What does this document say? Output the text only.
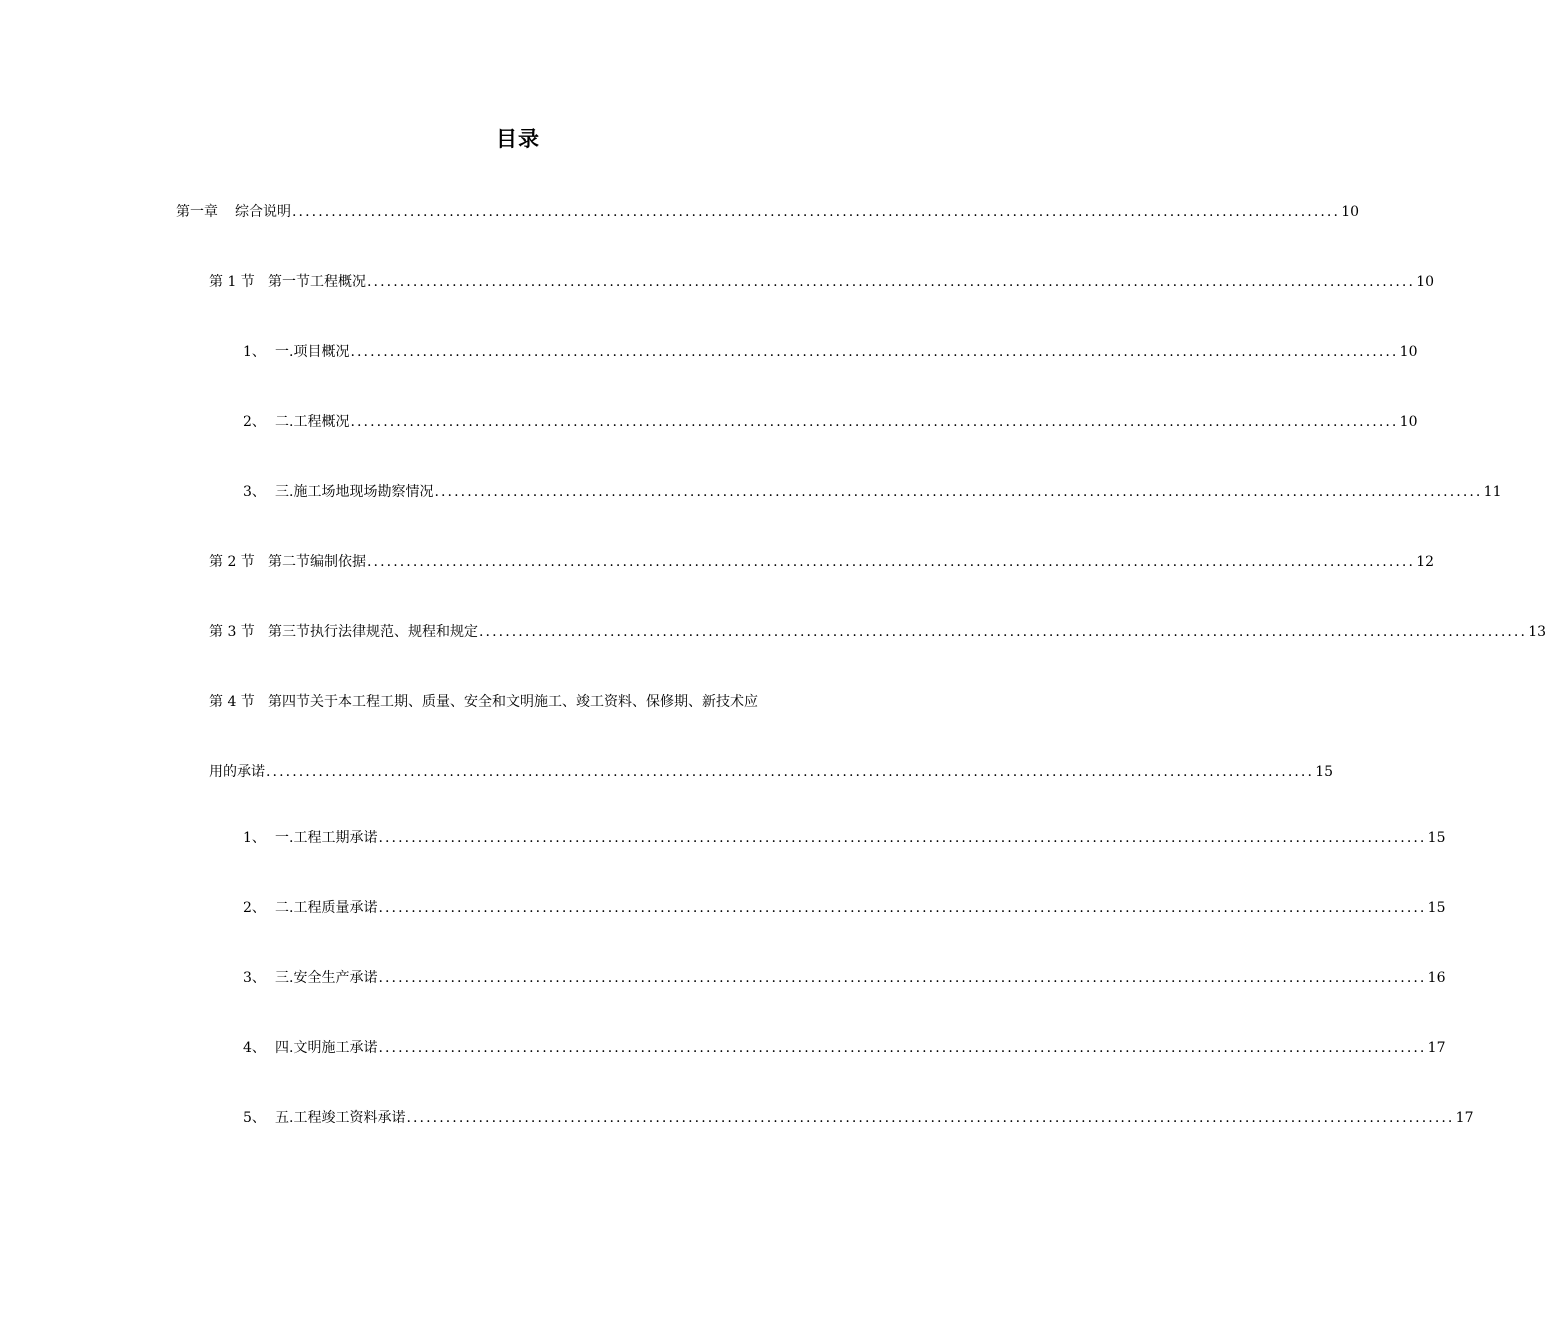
目录
第一章	综合说明 ................................................................................................................................................................ 10
第 1 节 第一节工程概况 ................................................................................................................................................................ 10
1、 一.项目概况 ................................................................................................................................................................ 10
2、 二.工程概况 ................................................................................................................................................................ 10
3、 三.施工场地现场勘察情况 ................................................................................................................................................................ 11
第 2 节 第二节编制依据 ................................................................................................................................................................ 12
第 3 节 第三节执行法律规范、规程和规定 ................................................................................................................................................................ 13
第 4 节 第四节关于本工程工期、质量、安全和文明施工、竣工资料、保修期、新技术应
用的承诺 ................................................................................................................................................................ 15
1、 一.工程工期承诺 ................................................................................................................................................................ 15
2、 二.工程质量承诺 ................................................................................................................................................................ 15
3、 三.安全生产承诺 ................................................................................................................................................................ 16
4、 四.文明施工承诺 ................................................................................................................................................................ 17
5、 五.工程竣工资料承诺 ................................................................................................................................................................ 17
